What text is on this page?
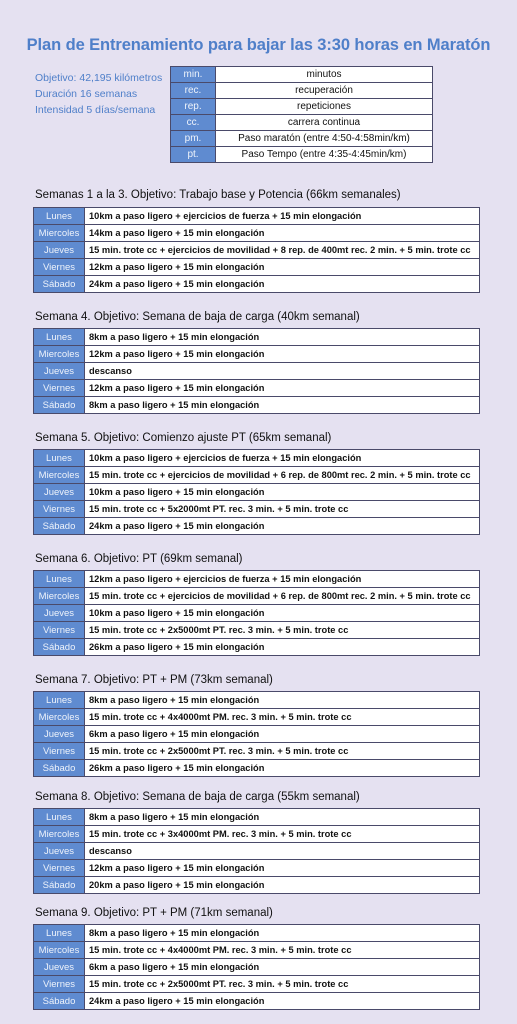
Plan de Entrenamiento para bajar las 3:30 horas en Maratón
Objetivo: 42,195 kilómetros
Duración 16 semanas
Intensidad 5 días/semana
min.	minutos
rec.	recuperación
rep.	repeticiones
cc.	carrera continua
pm.	Paso maratón (entre 4:50-4:58min/km)
pt.	Paso Tempo (entre 4:35-4:45min/km)
Semanas 1 a la 3. Objetivo: Trabajo base y Potencia (66km semanales)
Lunes	10km a paso ligero + ejercicios de fuerza + 15 min elongación
Miercoles	14km a paso ligero + 15 min elongación
Jueves	15 min. trote cc + ejercicios de movilidad + 8 rep. de 400mt rec. 2 min. + 5 min. trote cc
Viernes	12km a paso ligero + 15 min elongación
Sábado	24km a paso ligero + 15 min elongación
Semana 4. Objetivo: Semana de baja de carga (40km semanal)
Lunes	8km a paso ligero + 15 min elongación
Miercoles	12km a paso ligero + 15 min elongación
Jueves	descanso
Viernes	12km a paso ligero + 15 min elongación
Sábado	8km a paso ligero + 15 min elongación
Semana 5. Objetivo: Comienzo ajuste PT (65km semanal)
Lunes	10km a paso ligero + ejercicios de fuerza + 15 min elongación
Miercoles	15 min. trote cc + ejercicios de movilidad + 6 rep. de 800mt rec. 2 min. + 5 min. trote cc
Jueves	10km a paso ligero + 15 min elongación
Viernes	15 min. trote cc + 5x2000mt PT. rec. 3 min. + 5 min. trote cc
Sábado	24km a paso ligero + 15 min elongación
Semana 6. Objetivo: PT (69km semanal)
Lunes	12km a paso ligero + ejercicios de fuerza + 15 min elongación
Miercoles	15 min. trote cc + ejercicios de movilidad + 6 rep. de 800mt rec. 2 min. + 5 min. trote cc
Jueves	10km a paso ligero + 15 min elongación
Viernes	15 min. trote cc + 2x5000mt PT. rec. 3 min. + 5 min. trote cc
Sábado	26km a paso ligero + 15 min elongación
Semana 7. Objetivo: PT + PM (73km semanal)
Lunes	8km a paso ligero + 15 min elongación
Miercoles	15 min. trote cc + 4x4000mt PM. rec. 3 min. + 5 min. trote cc
Jueves	6km a paso ligero + 15 min elongación
Viernes	15 min. trote cc + 2x5000mt PT. rec. 3 min. + 5 min. trote cc
Sábado	26km a paso ligero + 15 min elongación
Semana 8. Objetivo: Semana de baja de carga (55km semanal)
Lunes	8km a paso ligero + 15 min elongación
Miercoles	15 min. trote cc + 3x4000mt PM. rec. 3 min. + 5 min. trote cc
Jueves	descanso
Viernes	12km a paso ligero + 15 min elongación
Sábado	20km a paso ligero + 15 min elongación
Semana 9. Objetivo: PT + PM (71km semanal)
Lunes	8km a paso ligero + 15 min elongación
Miercoles	15 min. trote cc + 4x4000mt PM. rec. 3 min. + 5 min. trote cc
Jueves	6km a paso ligero + 15 min elongación
Viernes	15 min. trote cc + 2x5000mt PT. rec. 3 min. + 5 min. trote cc
Sábado	24km a paso ligero + 15 min elongación
